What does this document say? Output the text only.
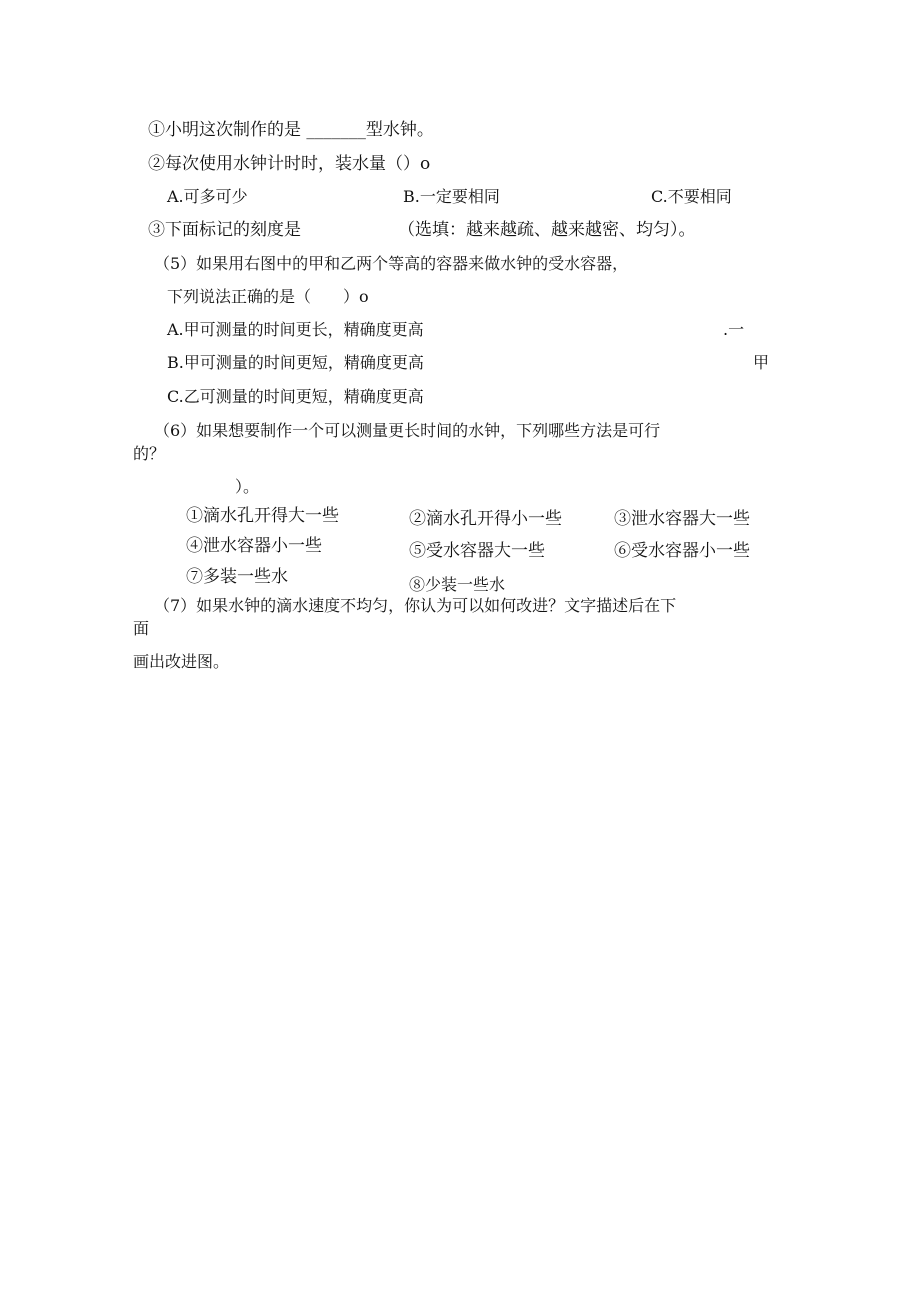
①小明这次制作的是 _______型水钟。
②每次使用水钟计时时，装水量（）o
A.可多可少	B.一定要相同	C.不要相同
③下面标记的刻度是	（选填：越来越疏、越来越密、均匀）。
（5）如果用右图中的甲和乙两个等高的容器来做水钟的受水容器，
下列说法正确的是（　　）o
A.甲可测量的时间更长，精确度更高	.一
B.甲可测量的时间更短，精确度更高	甲
C.乙可测量的时间更短，精确度更高
（6）如果想要制作一个可以测量更长时间的水钟，下列哪些方法是可行
的？
）。
①滴水孔开得大一些	②滴水孔开得小一些	③泄水容器大一些
④泄水容器小一些	⑤受水容器大一些	⑥受水容器小一些
⑦多装一些水	⑧少装一些水
（7）如果水钟的滴水速度不均匀，你认为可以如何改进？文字描述后在下
面
画出改进图。
